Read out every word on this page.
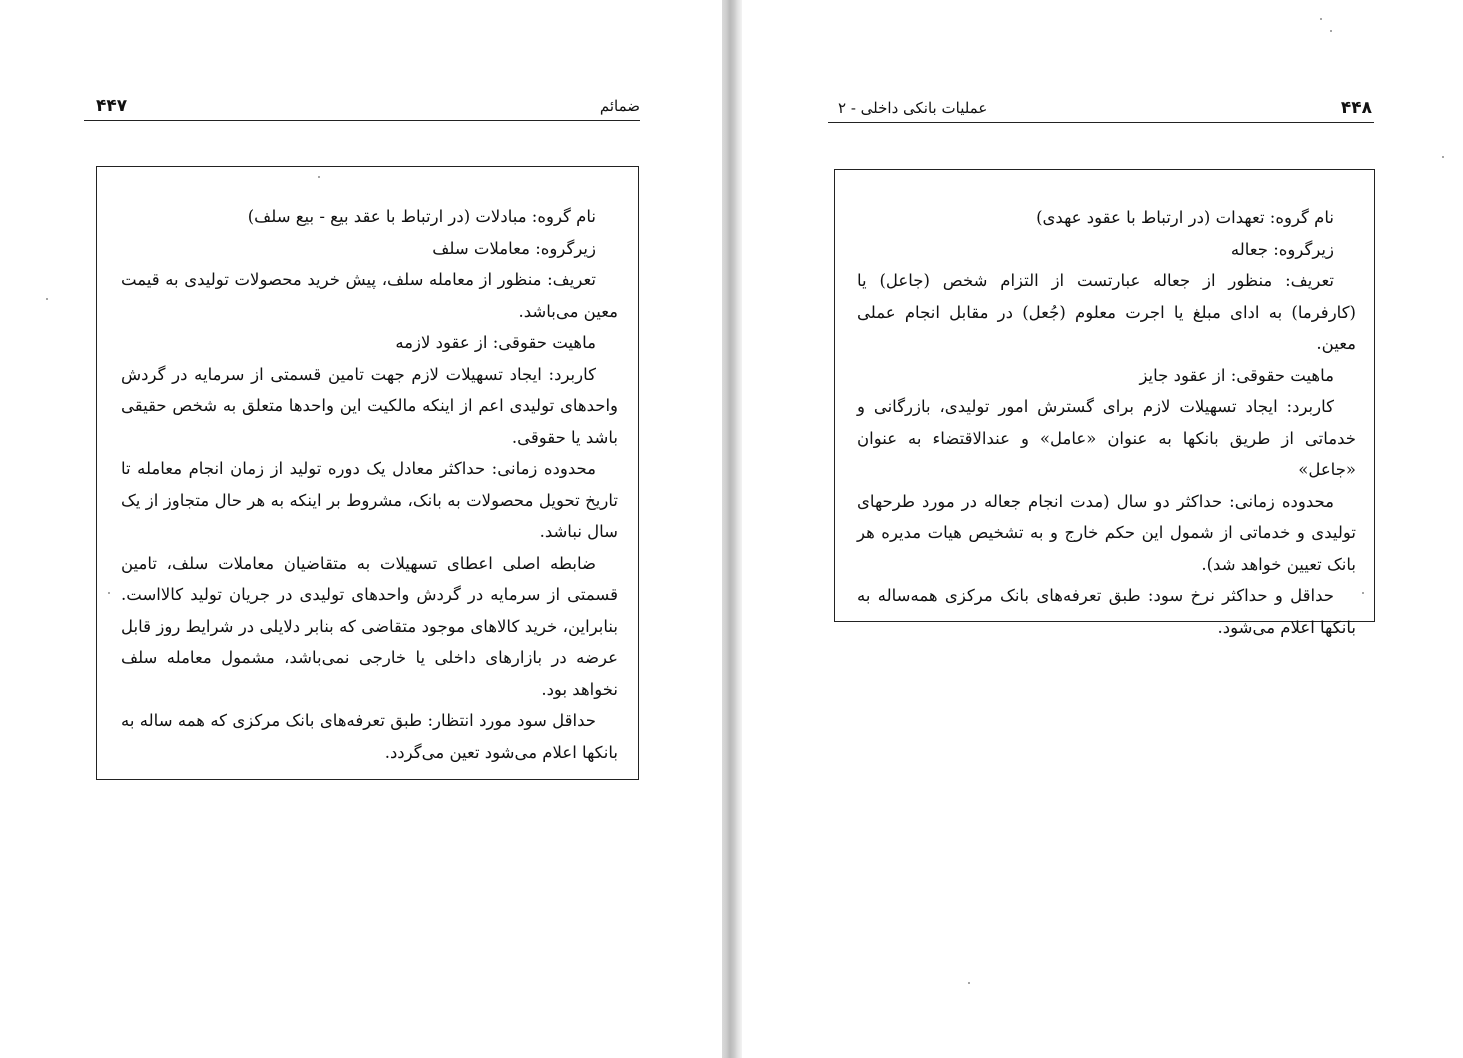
ضمائم
۴۴۷

نام گروه: مبادلات (در ارتباط با عقد بیع - بیع سلف)

زیرگروه: معاملات سلف

تعریف: منظور از معامله سلف، پیش خرید محصولات تولیدی به قیمت معین می‌باشد.

ماهیت حقوقی: از عقود لازمه

کاربرد: ایجاد تسهیلات لازم جهت تامین قسمتی از سرمایه در گردش واحدهای تولیدی اعم از اینکه مالکیت این واحدها متعلق به شخص حقیقی باشد یا حقوقی.

محدوده زمانی: حداکثر معادل یک دوره تولید از زمان انجام معامله تا تاریخ تحویل محصولات به بانک، مشروط بر اینکه به هر حال متجاوز از یک سال نباشد.

ضابطه اصلی اعطای تسهیلات به متقاضیان معاملات سلف، تامین قسمتی از سرمایه در گردش واحدهای تولیدی در جریان تولید کالااست. بنابراین، خرید کالاهای موجود متقاضی که بنابر دلایلی در شرایط روز قابل عرضه در بازارهای داخلی یا خارجی نمی‌باشد، مشمول معامله سلف نخواهد بود.

حداقل سود مورد انتظار: طبق تعرفه‌های بانک مرکزی که همه ساله به بانکها اعلام می‌شود تعین می‌گردد.

عملیات بانکی داخلی - ۲	۴۴۸

نام گروه: تعهدات (در ارتباط با عقود عهدی)

زیرگروه: جعاله

تعریف: منظور از جعاله عبارتست از التزام شخص (جاعل) یا (کارفرما) به ادای مبلغ یا اجرت معلوم (جُعل) در مقابل انجام عملی معین.

ماهیت حقوقی: از عقود جایز

کاربرد: ایجاد تسهیلات لازم برای گسترش امور تولیدی، بازرگانی و خدماتی از طریق بانکها به عنوان «عامل» و عندالاقتضاء به عنوان «جاعل»

محدوده زمانی: حداکثر دو سال (مدت انجام جعاله در مورد طرحهای تولیدی و خدماتی از شمول این حکم خارج و به تشخیص هیات مدیره هر بانک تعیین خواهد شد).

حداقل و حداکثر نرخ سود: طبق تعرفه‌های بانک مرکزی همه‌ساله به بانکها اعلام می‌شود.
